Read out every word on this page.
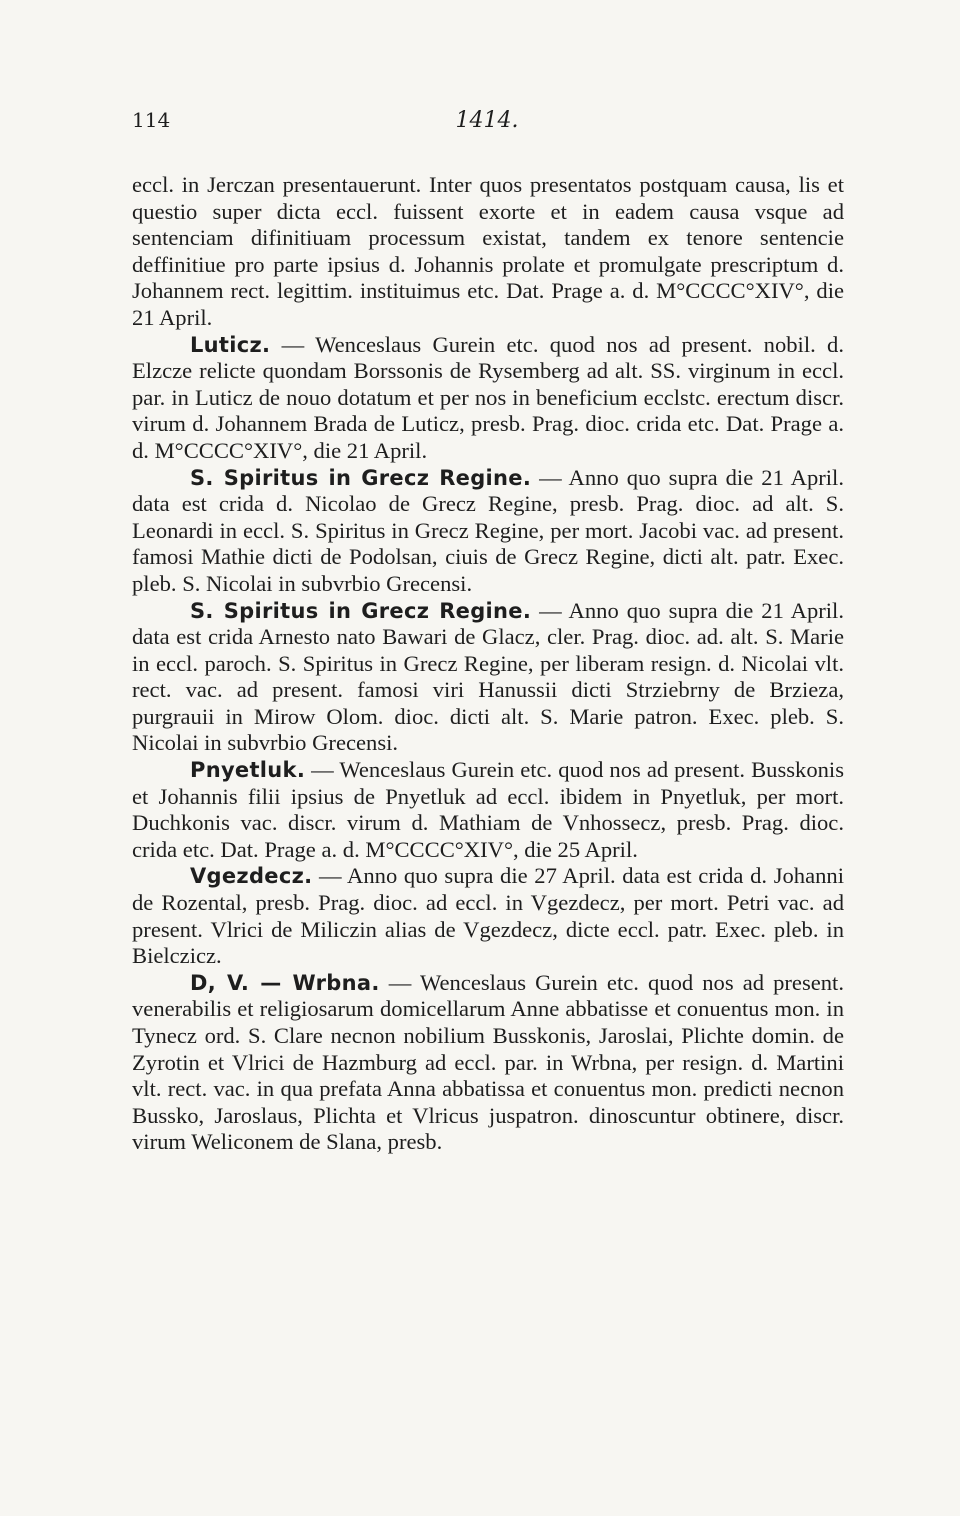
114	1414.

eccl. in Jerczan presentauerunt. Inter quos presentatos postquam causa, lis et questio super dicta eccl. fuissent exorte et in eadem causa vsque ad sentenciam difinitiuam processum existat, tandem ex tenore sentencie deffinitiue pro parte ipsius d. Johannis prolate et promulgate prescriptum d. Johannem rect. legittim. instituimus etc. Dat. Prage a. d. M°CCCC°XIV°, die 21 April.

Luticz. — Wenceslaus Gurein etc. quod nos ad present. nobil. d. Elzcze relicte quondam Borssonis de Rysemberg ad alt. SS. virginum in eccl. par. in Luticz de nouo dotatum et per nos in beneficium ecclstc. erectum discr. virum d. Johannem Brada de Luticz, presb. Prag. dioc. crida etc. Dat. Prage a. d. M°CCCC°XIV°, die 21 April.

S. Spiritus in Grecz Regine. — Anno quo supra die 21 April. data est crida d. Nicolao de Grecz Regine, presb. Prag. dioc. ad alt. S. Leonardi in eccl. S. Spiritus in Grecz Regine, per mort. Jacobi vac. ad present. famosi Mathie dicti de Podolsan, ciuis de Grecz Regine, dicti alt. patr. Exec. pleb. S. Nicolai in subvrbio Grecensi.

S. Spiritus in Grecz Regine. — Anno quo supra die 21 April. data est crida Arnesto nato Bawari de Glacz, cler. Prag. dioc. ad. alt. S. Marie in eccl. paroch. S. Spiritus in Grecz Regine, per liberam resign. d. Nicolai vlt. rect. vac. ad present. famosi viri Hanussii dicti Strziebrny de Brzieza, purgrauii in Mirow Olom. dioc. dicti alt. S. Marie patron. Exec. pleb. S. Nicolai in subvrbio Grecensi.

Pnyetluk. — Wenceslaus Gurein etc. quod nos ad present. Busskonis et Johannis filii ipsius de Pnyetluk ad eccl. ibidem in Pnyetluk, per mort. Duchkonis vac. discr. virum d. Mathiam de Vnhossecz, presb. Prag. dioc. crida etc. Dat. Prage a. d. M°CCCC°XIV°, die 25 April.

Vgezdecz. — Anno quo supra die 27 April. data est crida d. Johanni de Rozental, presb. Prag. dioc. ad eccl. in Vgezdecz, per mort. Petri vac. ad present. Vlrici de Miliczin alias de Vgezdecz, dicte eccl. patr. Exec. pleb. in Bielczicz.

D, V. — Wrbna. — Wenceslaus Gurein etc. quod nos ad present. venerabilis et religiosarum domicellarum Anne abbatisse et conuentus mon. in Tynecz ord. S. Clare necnon nobilium Busskonis, Jaroslai, Plichte domin. de Zyrotin et Vlrici de Hazmburg ad eccl. par. in Wrbna, per resign. d. Martini vlt. rect. vac. in qua prefata Anna abbatissa et conuentus mon. predicti necnon Bussko, Jaroslaus, Plichta et Vlricus juspatron. dinoscuntur obtinere, discr. virum Weliconem de Slana, presb.
